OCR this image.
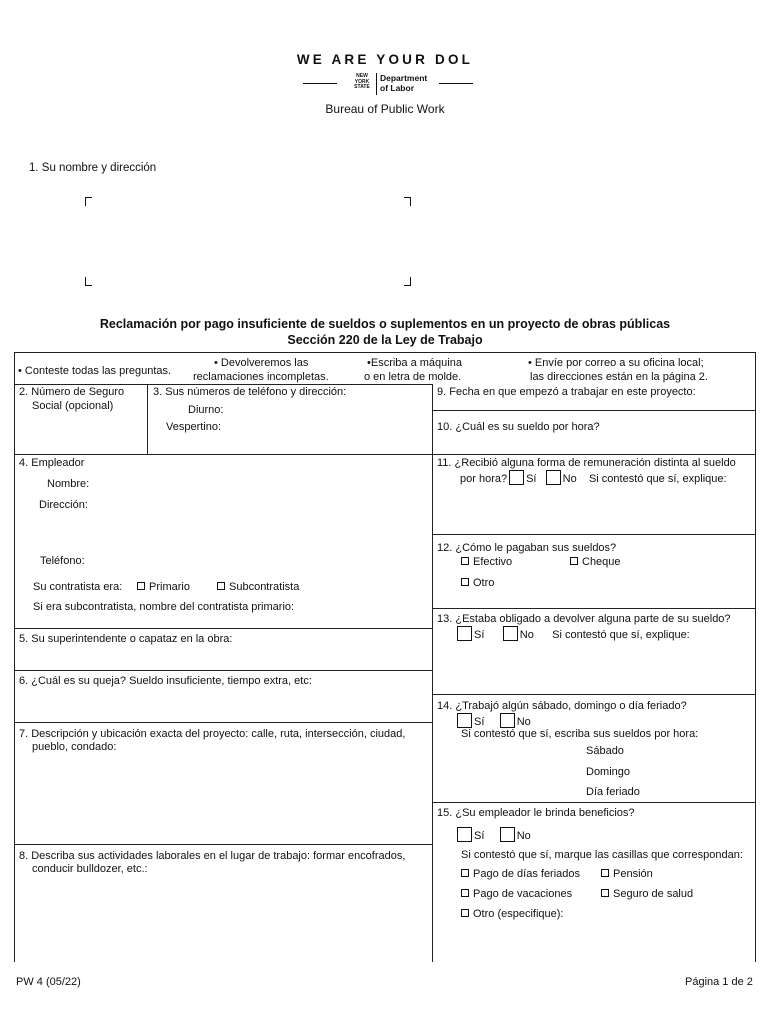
WE ARE YOUR DOL
NEW
YORK
STATE
Department
of Labor
Bureau of Public Work
1. Su nombre y dirección
Reclamación por pago insuficiente de sueldos o suplementos en un proyecto de obras públicas
Sección 220 de la Ley de Trabajo
• Conteste todas las preguntas.
• Devolveremos las
reclamaciones incompletas.
•Escriba a máquina
o en letra de molde.
• Envíe por correo a su oficina local;
las direcciones están en la página 2.
2. Número de Seguro
Social (opcional)
3. Sus números de teléfono y dirección:
Diurno:
Vespertino:
4. Empleador
Nombre:
Dirección:
Teléfono:
Su contratista era:	Primario	Subcontratista
Si era subcontratista, nombre del contratista primario:
5. Su superintendente o capataz en la obra:
6. ¿Cuál es su queja? Sueldo insuficiente, tiempo extra, etc:
7. Descripción y ubicación exacta del proyecto: calle, ruta, intersección, ciudad,
pueblo, condado:
8. Describa sus actividades laborales en el lugar de trabajo: formar encofrados,
conducir bulldozer, etc.:
9. Fecha en que empezó a trabajar en este proyecto:
10. ¿Cuál es su sueldo por hora?
11. ¿Recibió alguna forma de remuneración distinta al sueldo
por hora? Sí No Si contestó que sí, explique:
12. ¿Cómo le pagaban sus sueldos?
Efectivo	Cheque
Otro
13. ¿Estaba obligado a devolver alguna parte de su sueldo?
Sí	No Si contestó que sí, explique:
14. ¿Trabajó algún sábado, domingo o día feriado?
Sí	No
Si contestó que sí, escriba sus sueldos por hora:
Sábado
Domingo
Día feriado
15. ¿Su empleador le brinda beneficios?
Sí	No
Si contestó que sí, marque las casillas que correspondan:
Pago de días feriados	Pensión
Pago de vacaciones	Seguro de salud
Otro (especifique):
PW 4 (05/22)	Página 1 de 2
